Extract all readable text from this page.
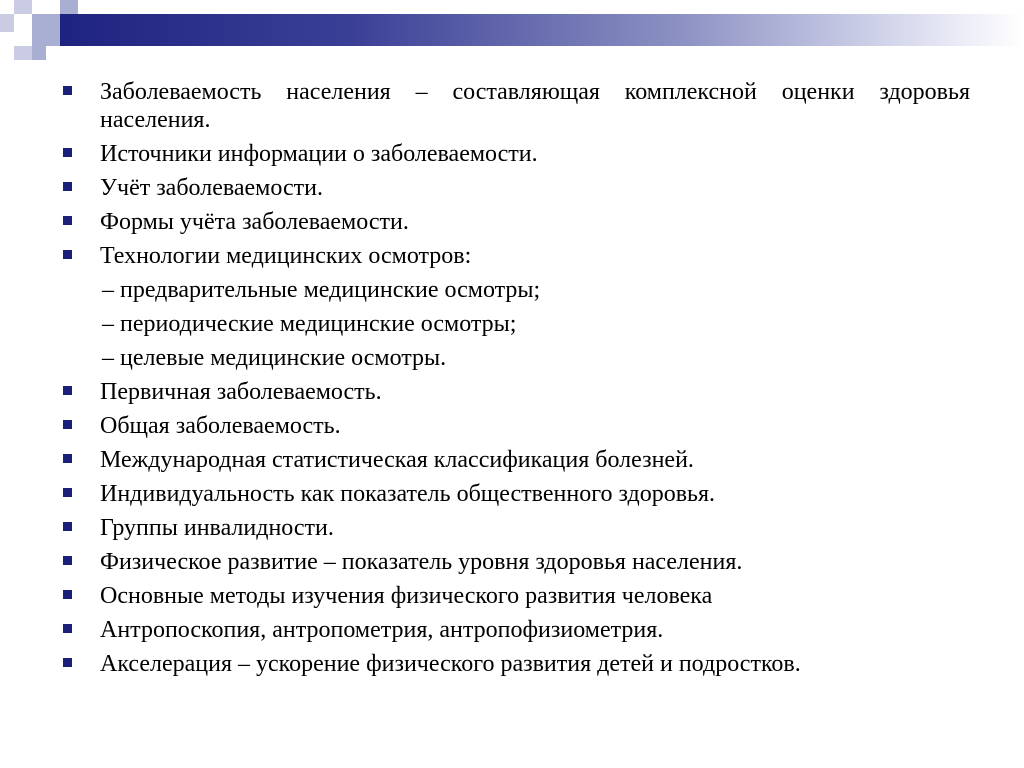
Заболеваемость населения – составляющая комплексной оценки здоровья населения.
Источники информации о заболеваемости.
Учёт заболеваемости.
Формы учёта заболеваемости.
Технологии медицинских осмотров:
– предварительные медицинские осмотры;
– периодические медицинские осмотры;
– целевые медицинские осмотры.
Первичная заболеваемость.
Общая заболеваемость.
Международная статистическая классификация болезней.
Индивидуальность как показатель общественного здоровья.
Группы инвалидности.
Физическое развитие – показатель уровня здоровья населения.
Основные методы изучения физического развития человека
Антропоскопия, антропометрия, антропофизиометрия.
Акселерация – ускорение физического развития детей и подростков.
